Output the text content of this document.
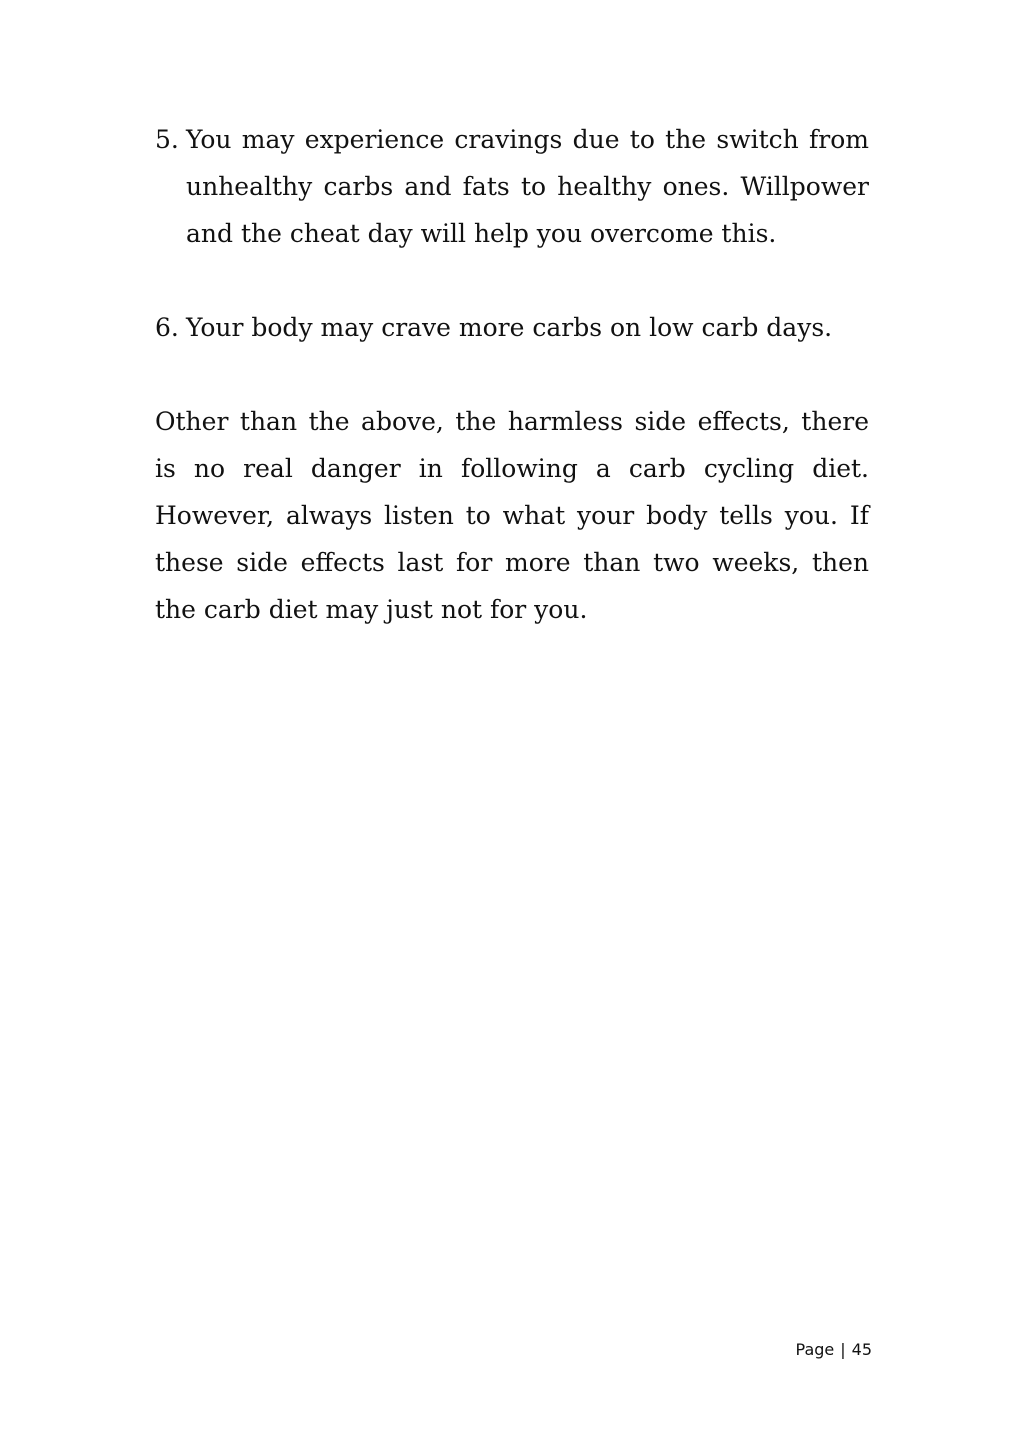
5. You may experience cravings due to the switch from unhealthy carbs and fats to healthy ones. Willpower and the cheat day will help you overcome this.
6. Your body may crave more carbs on low carb days.

Other than the above, the harmless side effects, there is no real danger in following a carb cycling diet. However, always listen to what your body tells you. If these side effects last for more than two weeks, then the carb diet may just not for you.

Page | 45
